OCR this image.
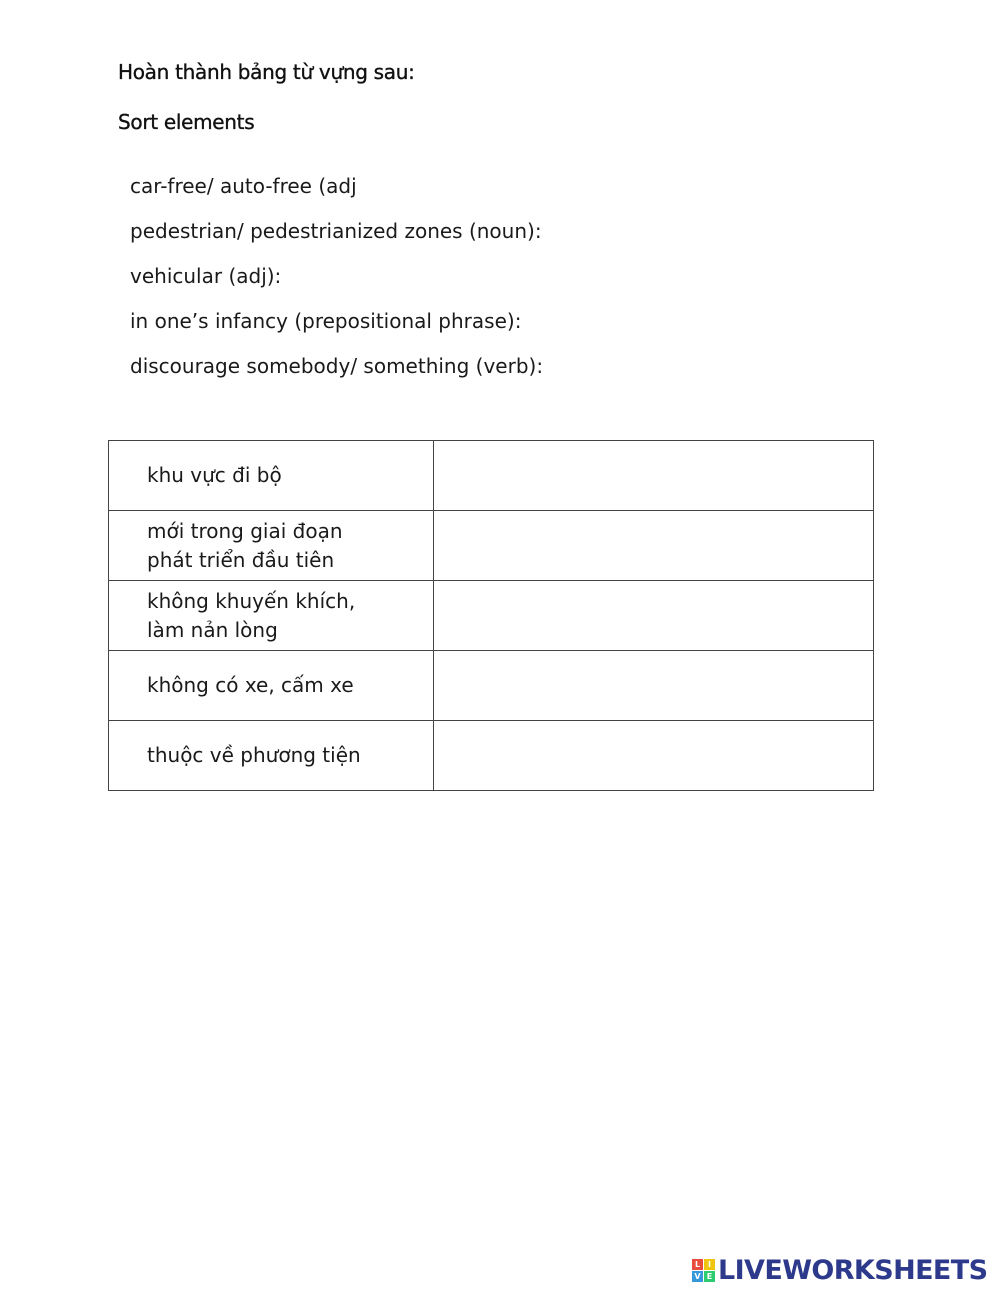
Hoàn thành bảng từ vựng sau:
Sort elements
car-free/ auto-free (adj
pedestrian/ pedestrianized zones (noun):
vehicular (adj):
in one’s infancy (prepositional phrase):
discourage somebody/ something (verb):
khu vực đi bộ	

mới trong giai đoạn
phát triển đầu tiên	

không khuyến khích,
làm nản lòng	

không có xe, cấm xe	

thuộc về phương tiện	

L I
V E LIVEWORKSHEETS
